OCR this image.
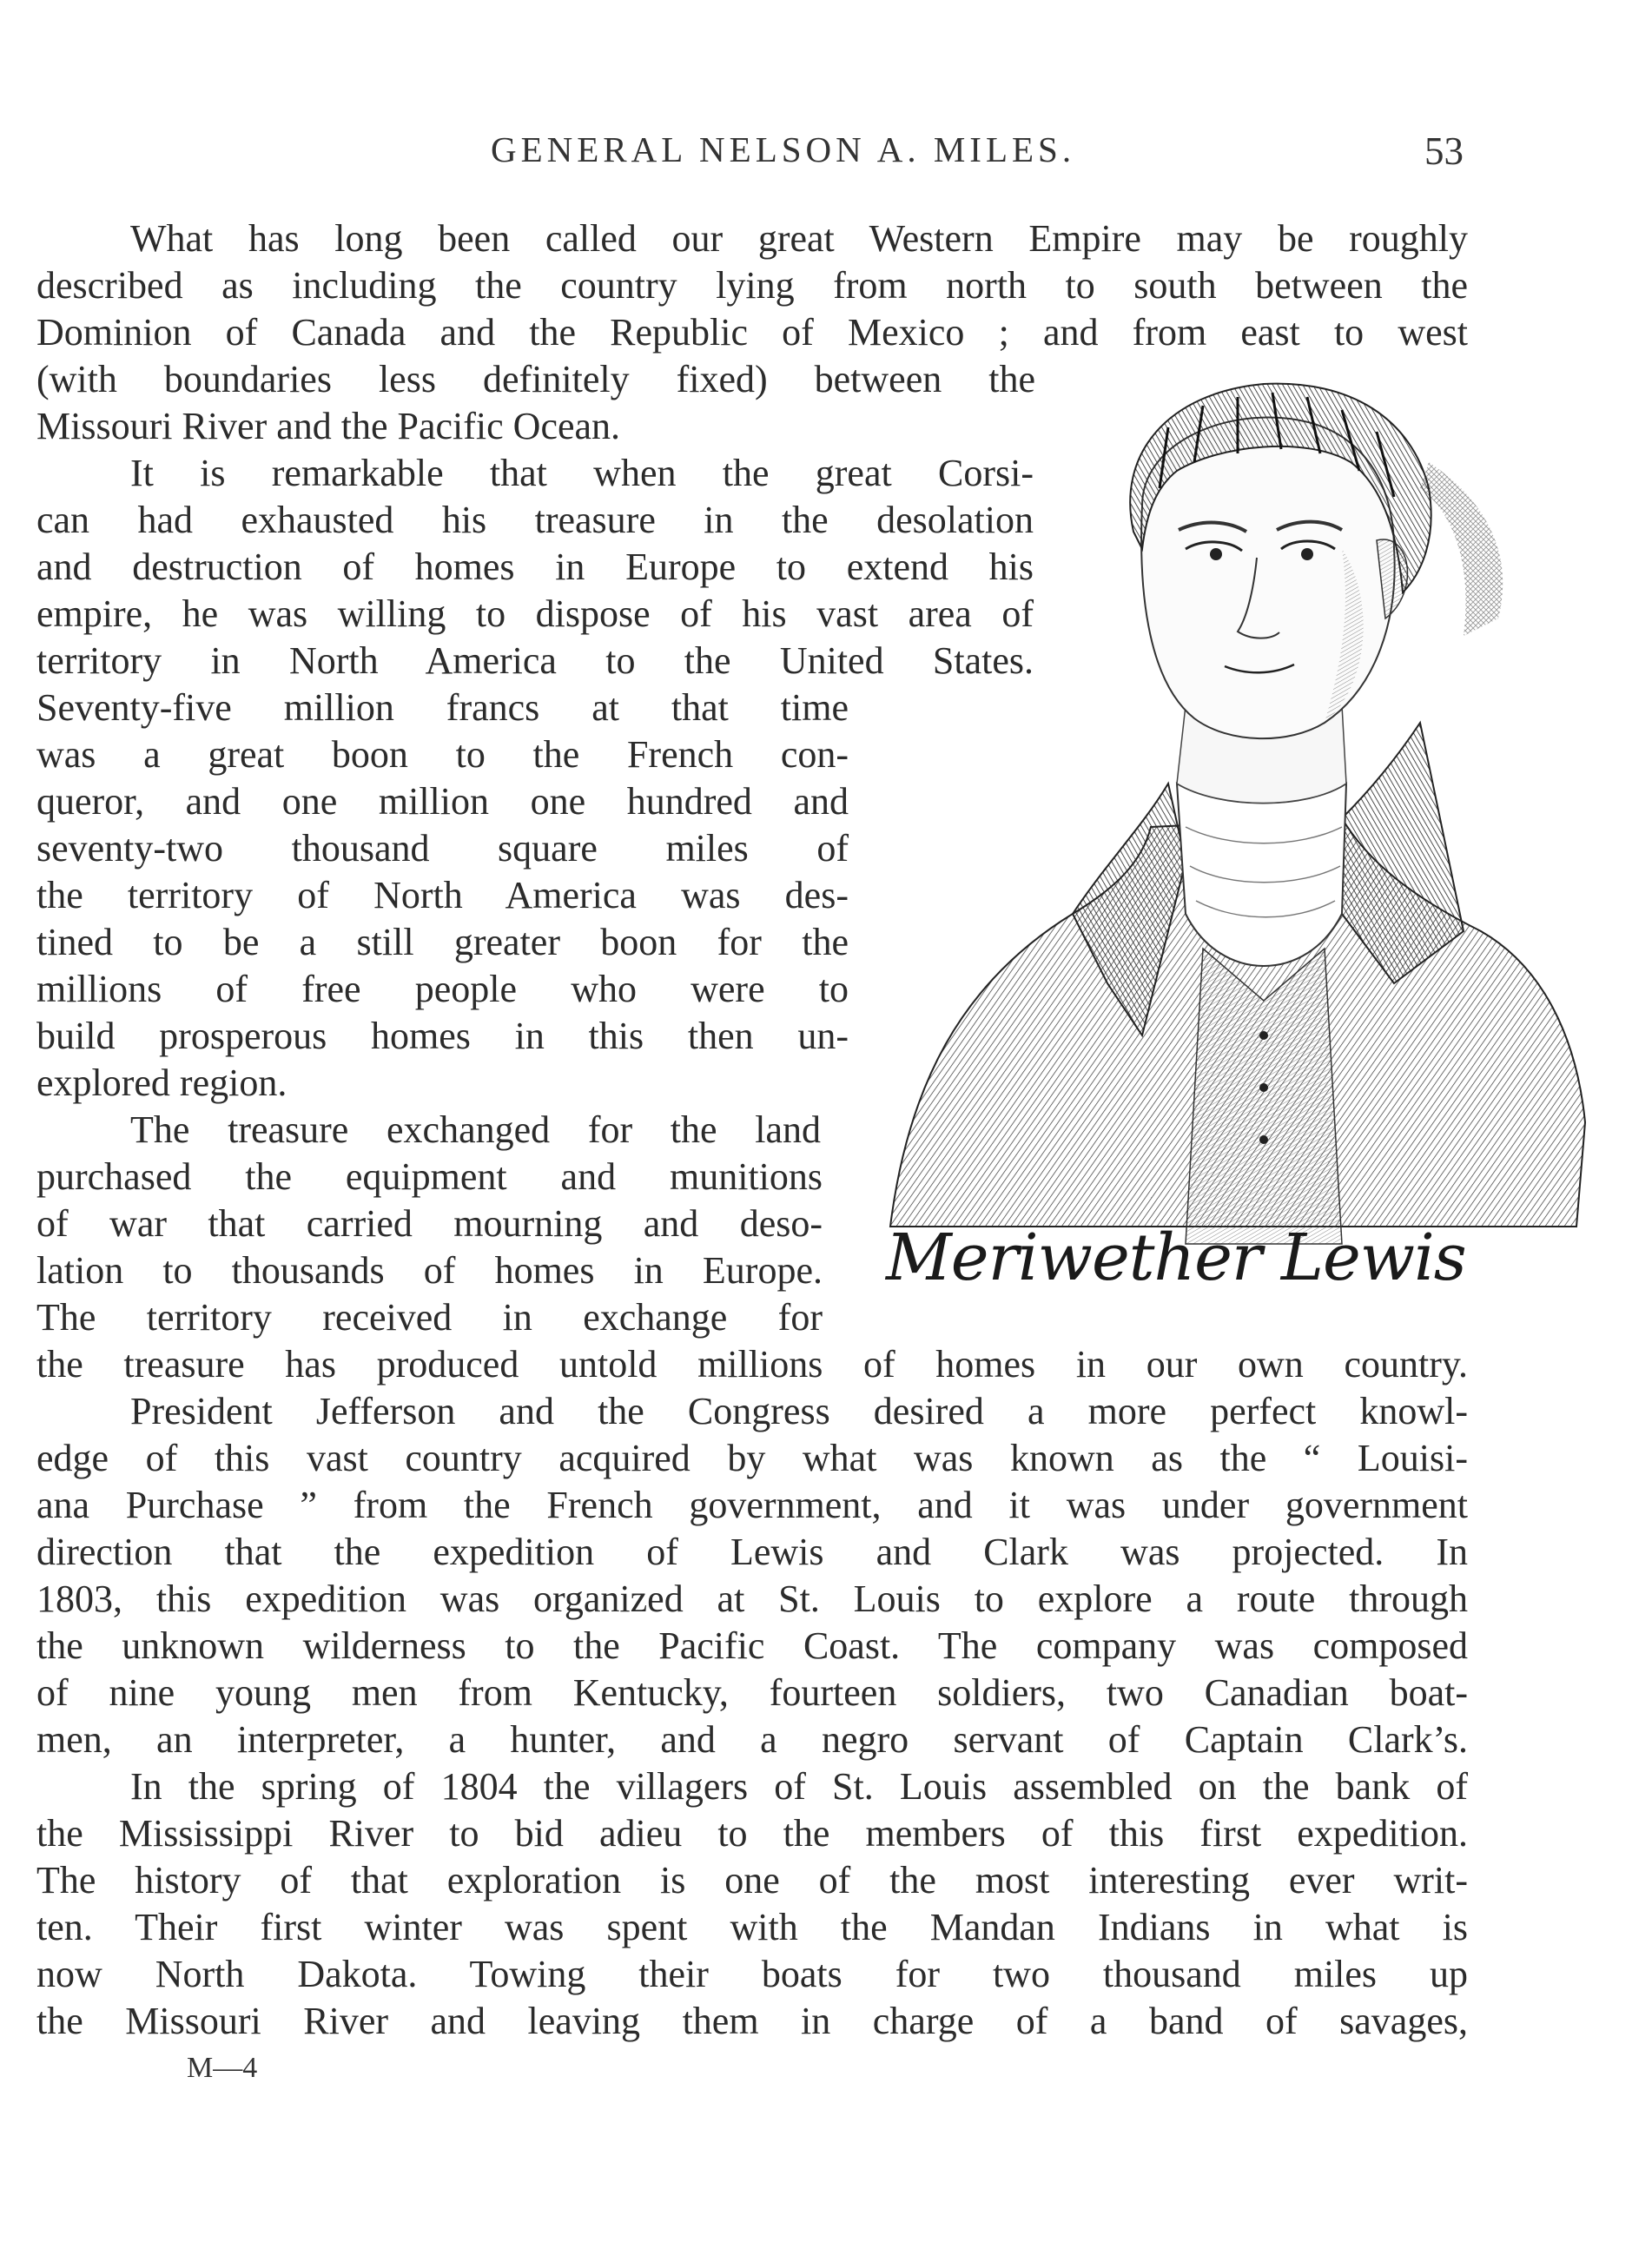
GENERAL NELSON A. MILES.	53
Meriwether Lewis
What has long been called our great Western Empire may be roughly
described as including the country lying from north to south between the
Dominion of Canada and the Republic of Mexico ; and from east to west
(with boundaries less definitely fixed) between the
Missouri River and the Pacific Ocean.
It is remarkable that when the great Corsi-
can had exhausted his treasure in the desolation
and destruction of homes in Europe to extend his
empire, he was willing to dispose of his vast area of
territory in North America to the United States.
Seventy-five million francs at that time
was a great boon to the French con-
queror, and one million one hundred and
seventy-two thousand square miles of
the territory of North America was des-
tined to be a still greater boon for the
millions of free people who were to
build prosperous homes in this then un-
explored region.
The treasure exchanged for the land
purchased the equipment and munitions
of war that carried mourning and deso-
lation to thousands of homes in Europe.
The territory received in exchange for
the treasure has produced untold millions of homes in our own country.
President Jefferson and the Congress desired a more perfect knowl-
edge of this vast country acquired by what was known as the “ Louisi-
ana Purchase ” from the French government, and it was under government
direction that the expedition of Lewis and Clark was projected. In
1803, this expedition was organized at St. Louis to explore a route through
the unknown wilderness to the Pacific Coast. The company was composed
of nine young men from Kentucky, fourteen soldiers, two Canadian boat-
men, an interpreter, a hunter, and a negro servant of Captain Clark’s.
In the spring of 1804 the villagers of St. Louis assembled on the bank of
the Mississippi River to bid adieu to the members of this first expedition.
The history of that exploration is one of the most interesting ever writ-
ten. Their first winter was spent with the Mandan Indians in what is
now North Dakota. Towing their boats for two thousand miles up
the Missouri River and leaving them in charge of a band of savages,
M—4
